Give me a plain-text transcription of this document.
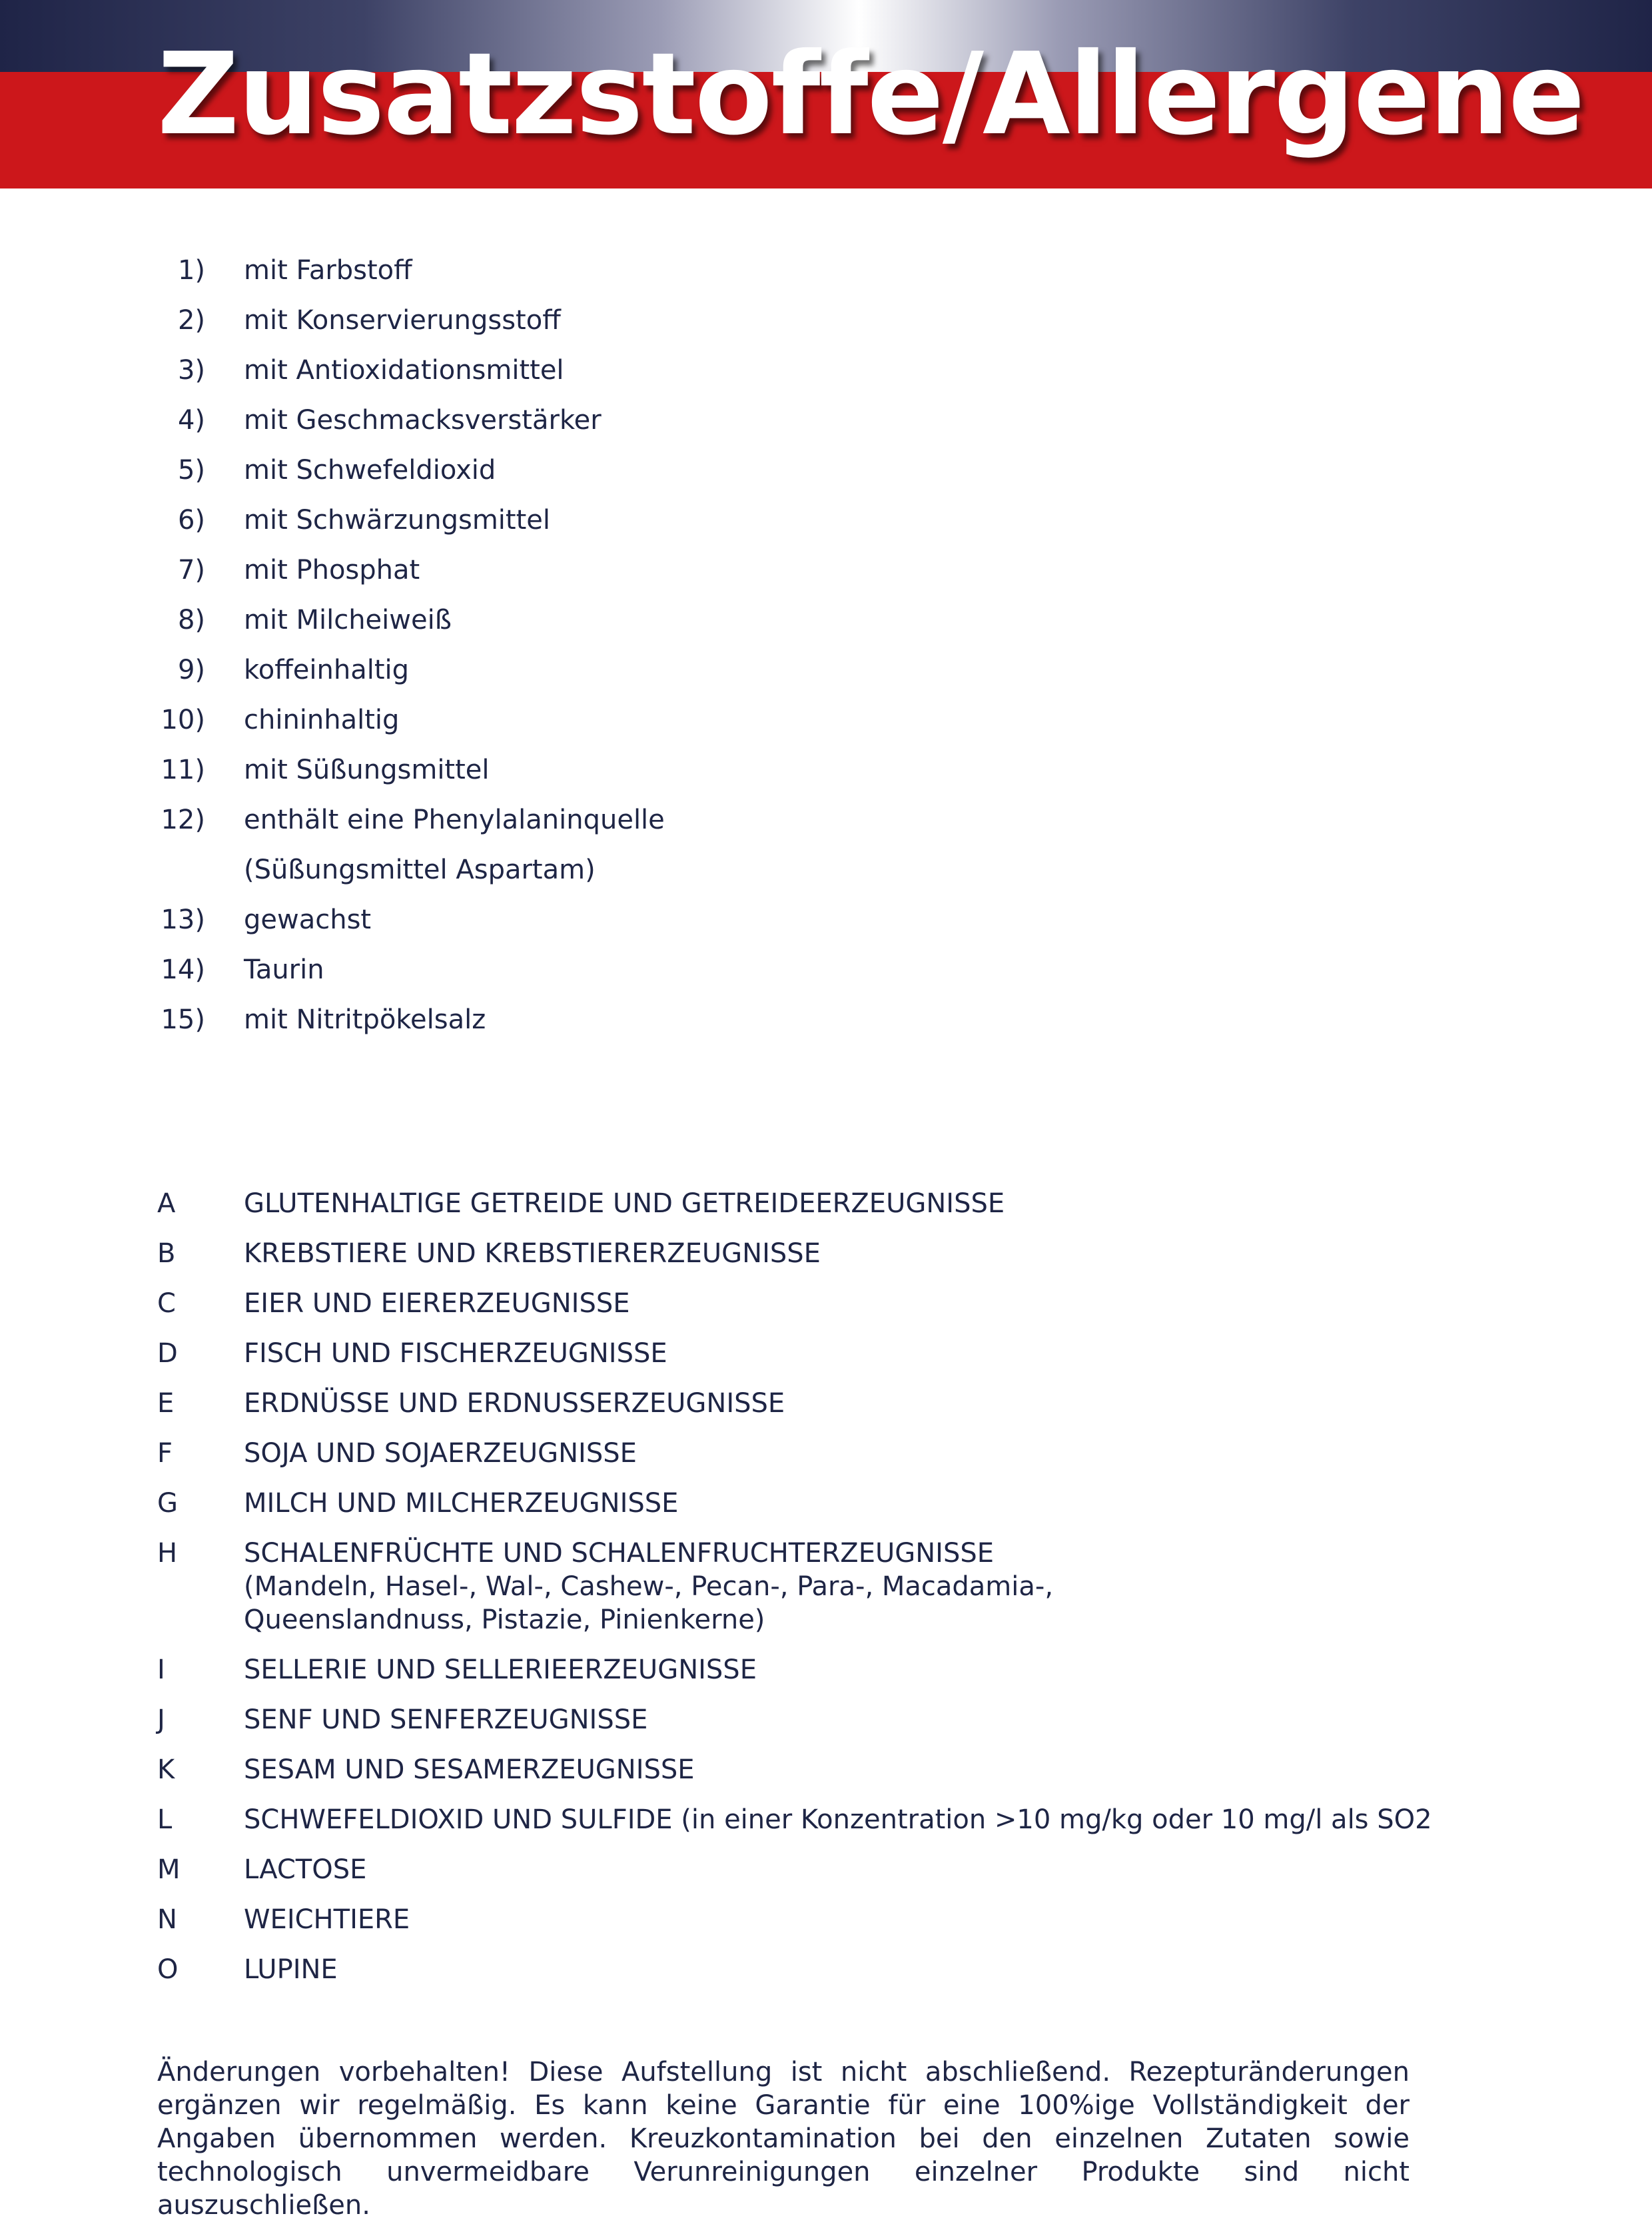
Zusatzstoffe/Allergene
1) mit Farbstoff
2) mit Konservierungsstoff
3) mit Antioxidationsmittel
4) mit Geschmacksverstärker
5) mit Schwefeldioxid
6) mit Schwärzungsmittel
7) mit Phosphat
8) mit Milcheiweiß
9) koffeinhaltig
10) chininhaltig
11) mit Süßungsmittel
12) enthält eine Phenylalaninquelle
(Süßungsmittel Aspartam)
13) gewachst
14) Taurin
15) mit Nitritpökelsalz
A	GLUTENHALTIGE GETREIDE UND GETREIDEERZEUGNISSE
B	KREBSTIERE UND KREBSTIERERZEUGNISSE
C	EIER UND EIERERZEUGNISSE
D FISCH UND FISCHERZEUGNISSE
E	ERDNÜSSE UND ERDNUSSERZEUGNISSE
F	SOJA UND SOJAERZEUGNISSE
G MILCH UND MILCHERZEUGNISSE
H SCHALENFRÜCHTE UND SCHALENFRUCHTERZEUGNISSE
(Mandeln, Hasel-, Wal-, Cashew-, Pecan-, Para-, Macadamia-,
Queenslandnuss, Pistazie, Pinienkerne)
I	SELLERIE UND SELLERIEERZEUGNISSE
J	SENF UND SENFERZEUGNISSE
K	SESAM UND SESAMERZEUGNISSE
L	SCHWEFELDIOXID UND SULFIDE (in einer Konzentration >10 mg/kg oder 10 mg/l als SO2
M LACTOSE
N	WEICHTIERE
O LUPINE

Änderungen vorbehalten! Diese Aufstellung ist nicht abschließend. Rezepturänderungen ergänzen wir regelmäßig. Es kann keine Garantie für eine 100%ige Vollständigkeit der Angaben übernommen werden. Kreuzkontamination bei den einzelnen Zutaten sowie technologisch unvermeidbare Verunreinigungen einzelner Produkte sind nicht auszuschließen.
